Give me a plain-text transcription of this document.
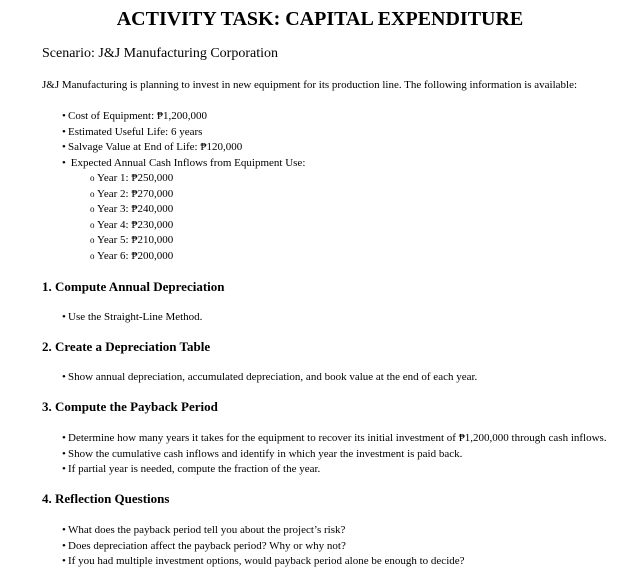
ACTIVITY TASK: CAPITAL EXPENDITURE

Scenario: J&J Manufacturing Corporation

J&J Manufacturing is planning to invest in new equipment for its production line. The following information is available:

• Cost of Equipment: ₱1,200,000
• Estimated Useful Life: 6 years
• Salvage Value at End of Life: ₱120,000
• Expected Annual Cash Inflows from Equipment Use:
o Year 1: ₱250,000
o Year 2: ₱270,000
o Year 3: ₱240,000
o Year 4: ₱230,000
o Year 5: ₱210,000
o Year 6: ₱200,000
1. Compute Annual Depreciation
• Use the Straight-Line Method.
2. Create a Depreciation Table
• Show annual depreciation, accumulated depreciation, and book value at the end of each year.
3. Compute the Payback Period
• Determine how many years it takes for the equipment to recover its initial investment of ₱1,200,000 through cash inflows.
• Show the cumulative cash inflows and identify in which year the investment is paid back.
• If partial year is needed, compute the fraction of the year.
4. Reflection Questions
• What does the payback period tell you about the project’s risk?
• Does depreciation affect the payback period? Why or why not?
• If you had multiple investment options, would payback period alone be enough to decide?
